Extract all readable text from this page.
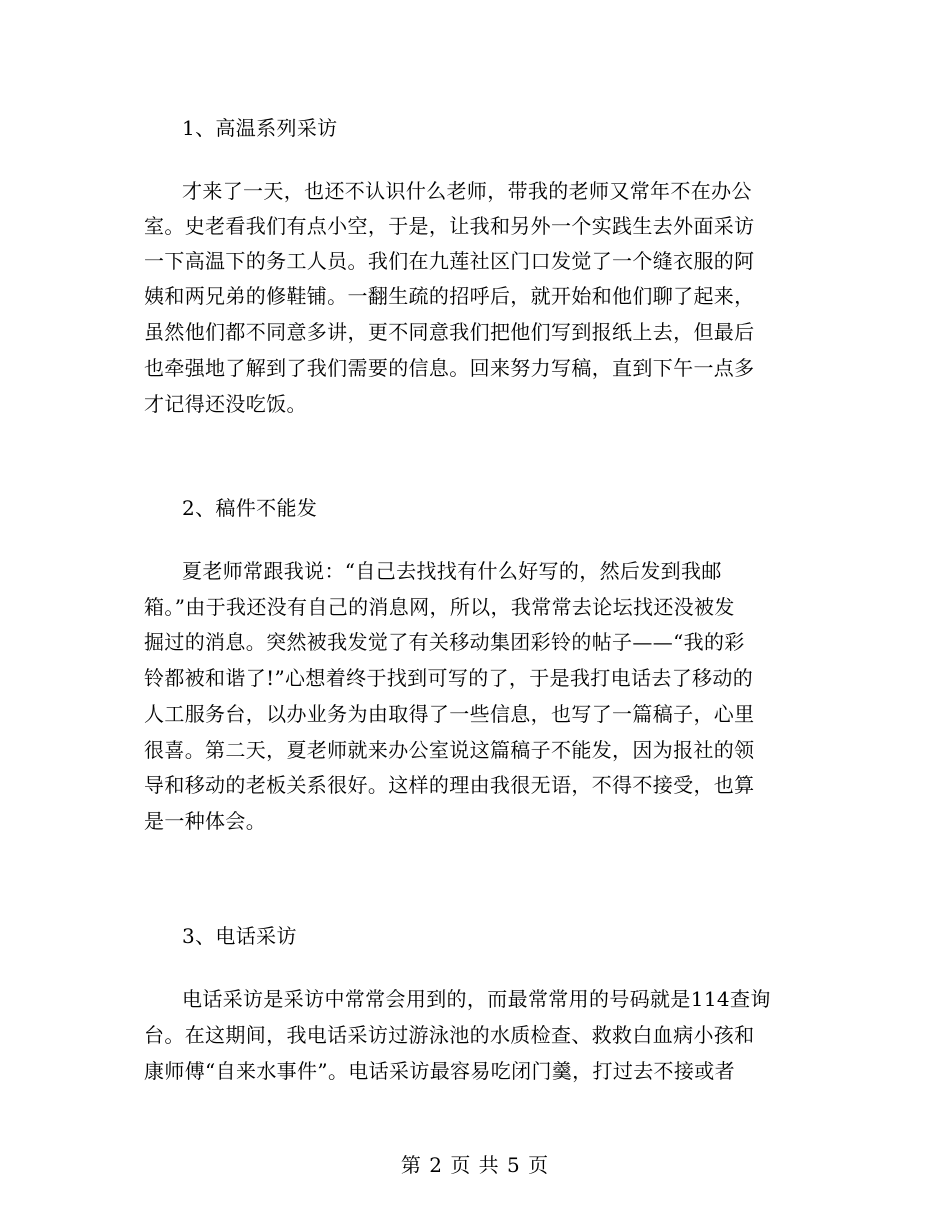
1、高温系列采访
才来了一天，也还不认识什么老师，带我的老师又常年不在办公
室。史老看我们有点小空，于是，让我和另外一个实践生去外面采访
一下高温下的务工人员。我们在九莲社区门口发觉了一个缝衣服的阿
姨和两兄弟的修鞋铺。一翻生疏的招呼后，就开始和他们聊了起来，
虽然他们都不同意多讲，更不同意我们把他们写到报纸上去，但最后
也牵强地了解到了我们需要的信息。回来努力写稿，直到下午一点多
才记得还没吃饭。
2、稿件不能发
夏老师常跟我说：“自己去找找有什么好写的，然后发到我邮
箱。”由于我还没有自己的消息网，所以，我常常去论坛找还没被发
掘过的消息。突然被我发觉了有关移动集团彩铃的帖子——“我的彩
铃都被和谐了!”心想着终于找到可写的了，于是我打电话去了移动的
人工服务台，以办业务为由取得了一些信息，也写了一篇稿子，心里
很喜。第二天，夏老师就来办公室说这篇稿子不能发，因为报社的领
导和移动的老板关系很好。这样的理由我很无语，不得不接受，也算
是一种体会。
3、电话采访
电话采访是采访中常常会用到的，而最常常用的号码就是114查询
台。在这期间，我电话采访过游泳池的水质检查、救救白血病小孩和
康师傅“自来水事件”。电话采访最容易吃闭门羹，打过去不接或者
第 2 页 共 5 页
